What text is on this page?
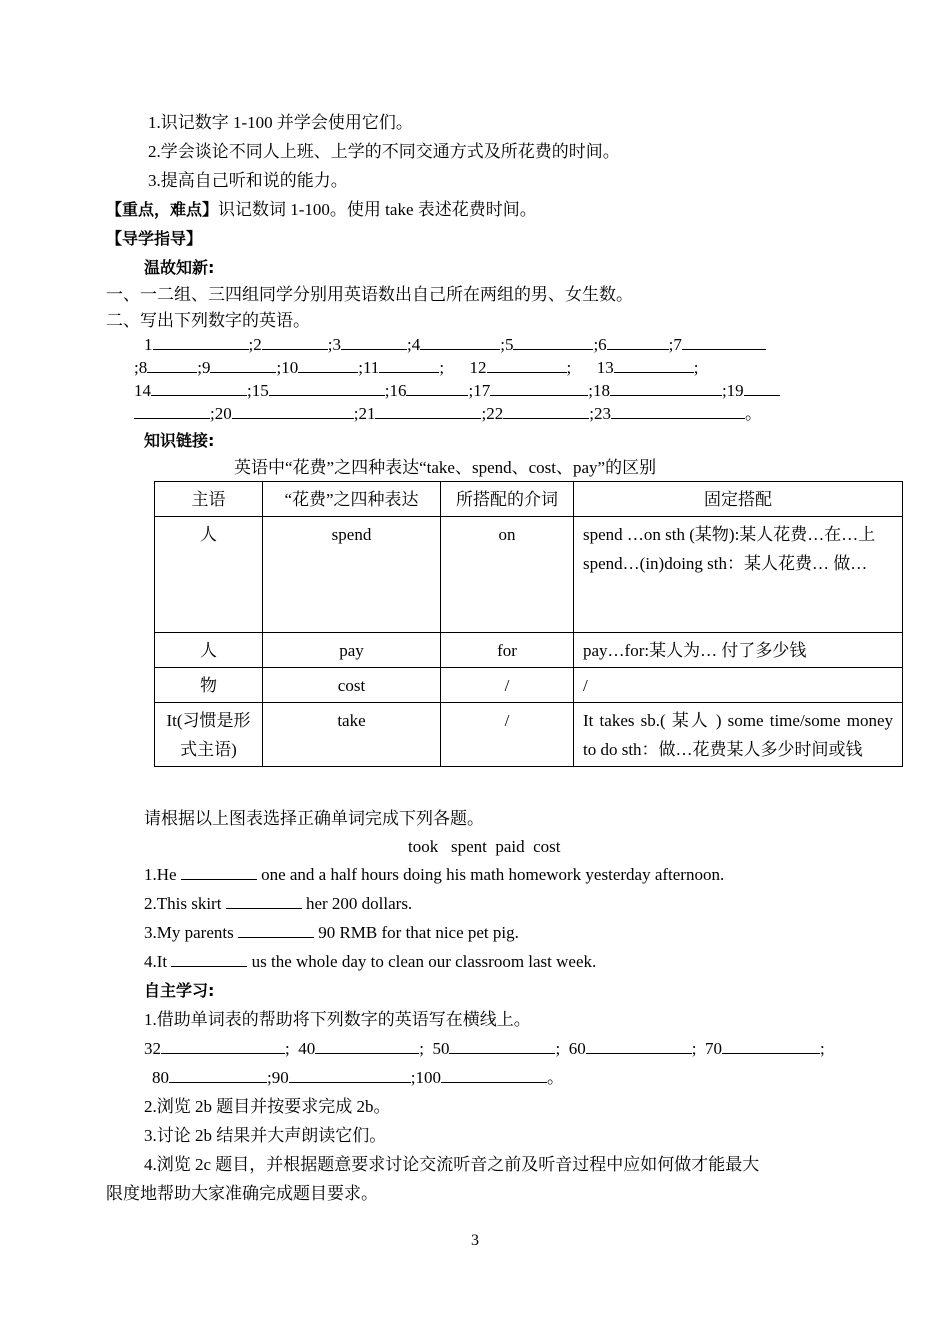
1.识记数字 1-100 并学会使用它们。
2.学会谈论不同人上班、上学的不同交通方式及所花费的时间。
3.提高自己听和说的能力。
【重点，难点】识记数词 1-100。使用 take 表述花费时间。
【导学指导】
温故知新:
一、一二组、三四组同学分别用英语数出自己所在两组的男、女生数。
二、写出下列数字的英语。
1	;2	;3	;4	;5	;6	;7
;8	;9	;10	;11	;      12	;      13	;
14	;15	;16	;17	;18	;19
;20	;21	;22	;23	。
知识链接:
英语中“花费”之四种表达“take、spend、cost、pay”的区别
主语	“花费”之四种表达	所搭配的介词	固定搭配
人	spend	on	spend …on sth (某物):某人花费…在…上
spend…(in)doing sth：某人花费… 做…

人	pay	for	pay…for:某人为… 付了多少钱
物	cost	/	/
It(习惯是形式主语)	take	/	It takes sb.( 某人 ) some time/some money to do sth：做…花费某人多少时间或钱
请根据以上图表选择正确单词完成下列各题。
took   spent  paid  cost
1.He	one and a half hours doing his math homework yesterday afternoon.
2.This skirt	her 200 dollars.
3.My parents	90 RMB for that nice pet pig.
4.It	us the whole day to clean our classroom last week.
自主学习:
1.借助单词表的帮助将下列数字的英语写在横线上。
32	;  40	;  50	;  60	;  70	;
80	;90	;100	。
2.浏览 2b 题目并按要求完成 2b。
3.讨论 2b 结果并大声朗读它们。
4.浏览 2c 题目，并根据题意要求讨论交流听音之前及听音过程中应如何做才能最大
限度地帮助大家准确完成题目要求。
3
